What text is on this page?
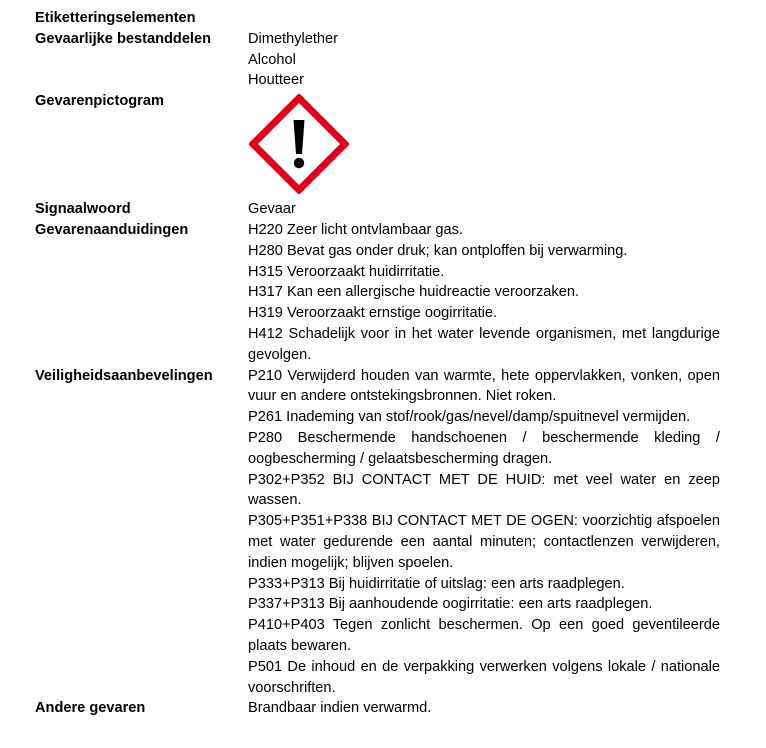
Etiketteringselementen
Gevaarlijke bestanddelen	Dimethylether
Alcohol
Houtteer
Gevarenpictogram
Signaalwoord	Gevaar
Gevarenaanduidingen	H220 Zeer licht ontvlambaar gas.
H280 Bevat gas onder druk; kan ontploffen bij verwarming.
H315 Veroorzaakt huidirritatie.
H317 Kan een allergische huidreactie veroorzaken.
H319 Veroorzaakt ernstige oogirritatie.
H412 Schadelijk voor in het water levende organismen, met langdurige gevolgen.
Veiligheidsaanbevelingen	P210 Verwijderd houden van warmte, hete oppervlakken, vonken, open vuur en andere ontstekingsbronnen. Niet roken.
P261 Inademing van stof/rook/gas/nevel/damp/spuitnevel vermijden.
P280 Beschermende handschoenen / beschermende kleding / oogbescherming / gelaatsbescherming dragen.
P302+P352 BIJ CONTACT MET DE HUID: met veel water en zeep wassen.
P305+P351+P338 BIJ CONTACT MET DE OGEN: voorzichtig afspoelen met water gedurende een aantal minuten; contactlenzen verwijderen, indien mogelijk; blijven spoelen.
P333+P313 Bij huidirritatie of uitslag: een arts raadplegen.
P337+P313 Bij aanhoudende oogirritatie: een arts raadplegen.
P410+P403 Tegen zonlicht beschermen. Op een goed geventileerde plaats bewaren.
P501 De inhoud en de verpakking verwerken volgens lokale / nationale voorschriften.
Andere gevaren	Brandbaar indien verwarmd.
